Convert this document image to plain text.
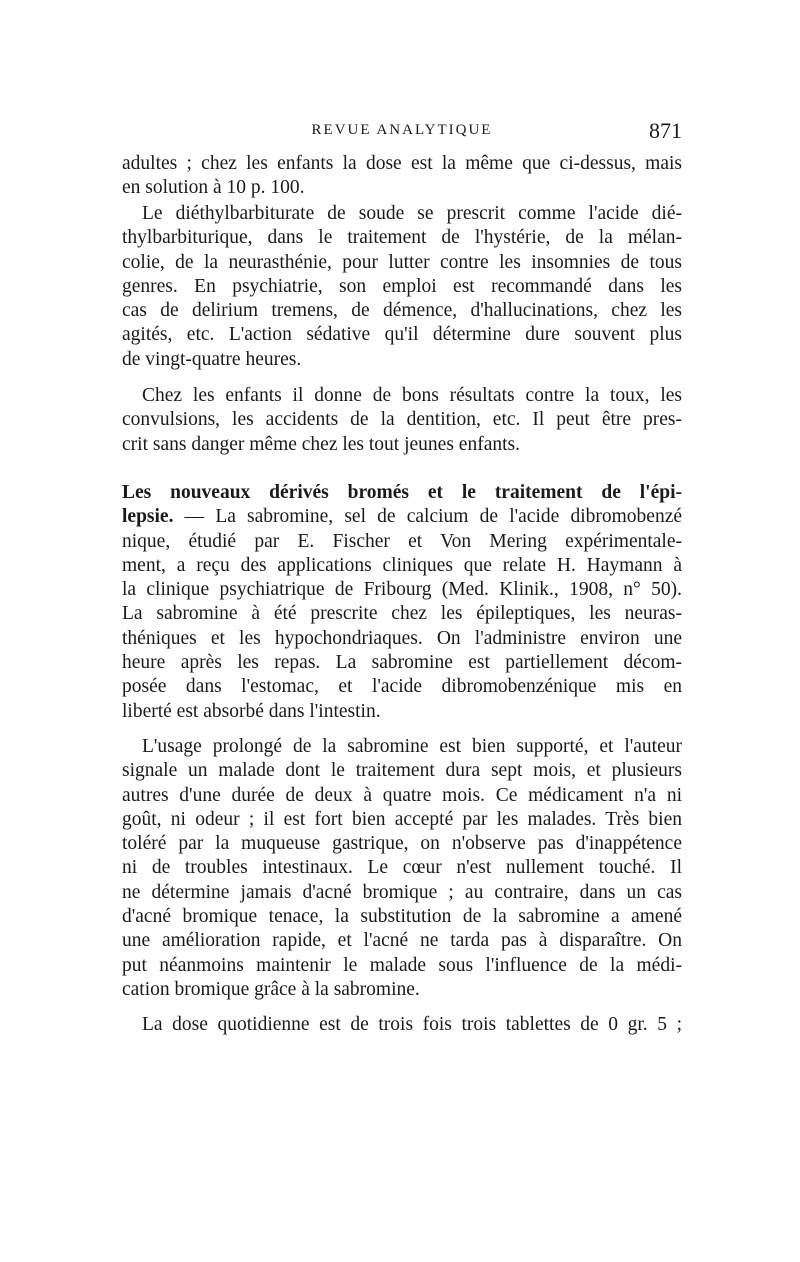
REVUE ANALYTIQUE	871
adultes ; chez les enfants la dose est la même que ci-dessus, mais
en solution à 10 p. 100.
Le diéthylbarbiturate de soude se prescrit comme l'acide dié-
thylbarbiturique, dans le traitement de l'hystérie, de la mélan-
colie, de la neurasthénie, pour lutter contre les insomnies de tous
genres. En psychiatrie, son emploi est recommandé dans les
cas de delirium tremens, de démence, d'hallucinations, chez les
agités, etc. L'action sédative qu'il détermine dure souvent plus
de vingt-quatre heures.
Chez les enfants il donne de bons résultats contre la toux, les
convulsions, les accidents de la dentition, etc. Il peut être pres-
crit sans danger même chez les tout jeunes enfants.
Les nouveaux dérivés bromés et le traitement de l'épi-
lepsie. — La sabromine, sel de calcium de l'acide dibromobenzé
nique, étudié par E. Fischer et Von Mering expérimentale-
ment, a reçu des applications cliniques que relate H. Haymann à
la clinique psychiatrique de Fribourg (Med. Klinik., 1908, n° 50).
La sabromine à été prescrite chez les épileptiques, les neuras-
théniques et les hypochondriaques. On l'administre environ une
heure après les repas. La sabromine est partiellement décom-
posée dans l'estomac, et l'acide dibromobenzénique mis en
liberté est absorbé dans l'intestin.
L'usage prolongé de la sabromine est bien supporté, et l'auteur
signale un malade dont le traitement dura sept mois, et plusieurs
autres d'une durée de deux à quatre mois. Ce médicament n'a ni
goût, ni odeur ; il est fort bien accepté par les malades. Très bien
toléré par la muqueuse gastrique, on n'observe pas d'inappétence
ni de troubles intestinaux. Le cœur n'est nullement touché. Il
ne détermine jamais d'acné bromique ; au contraire, dans un cas
d'acné bromique tenace, la substitution de la sabromine a amené
une amélioration rapide, et l'acné ne tarda pas à disparaître. On
put néanmoins maintenir le malade sous l'influence de la médi-
cation bromique grâce à la sabromine.
La dose quotidienne est de trois fois trois tablettes de 0 gr. 5 ;
